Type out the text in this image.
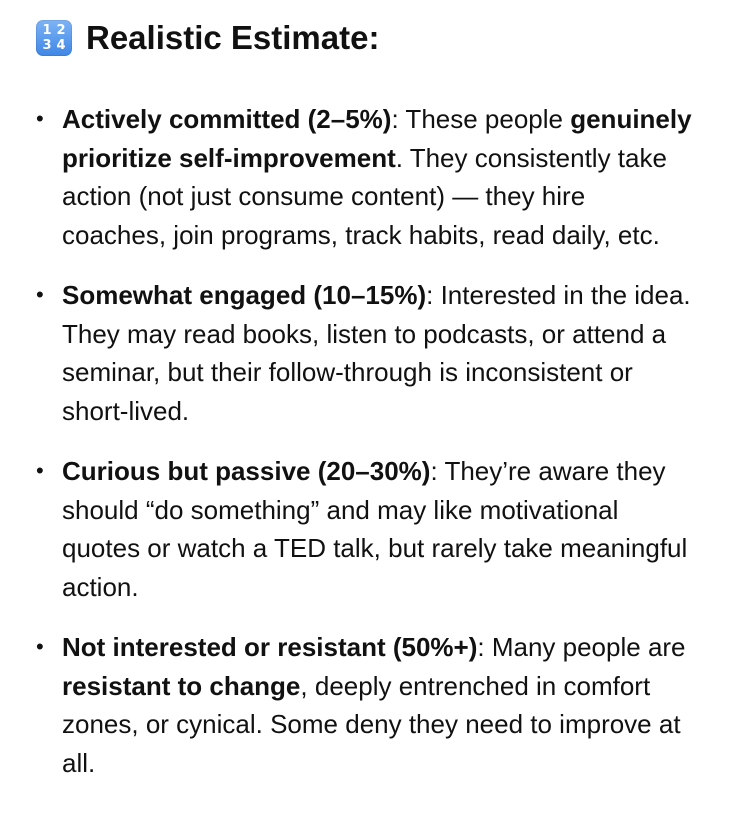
1 2
3 4 Realistic Estimate:
• Actively committed (2–5%): These people genuinely prioritize self-improvement. They consistently take action (not just consume content) — they hire coaches, join programs, track habits, read daily, etc.
• Somewhat engaged (10–15%): Interested in the idea. They may read books, listen to podcasts, or attend a seminar, but their follow-through is inconsistent or short-lived.
• Curious but passive (20–30%): They’re aware they should “do something” and may like motivational quotes or watch a TED talk, but rarely take meaningful action.
• Not interested or resistant (50%+): Many people are resistant to change, deeply entrenched in comfort zones, or cynical. Some deny they need to improve at all.
